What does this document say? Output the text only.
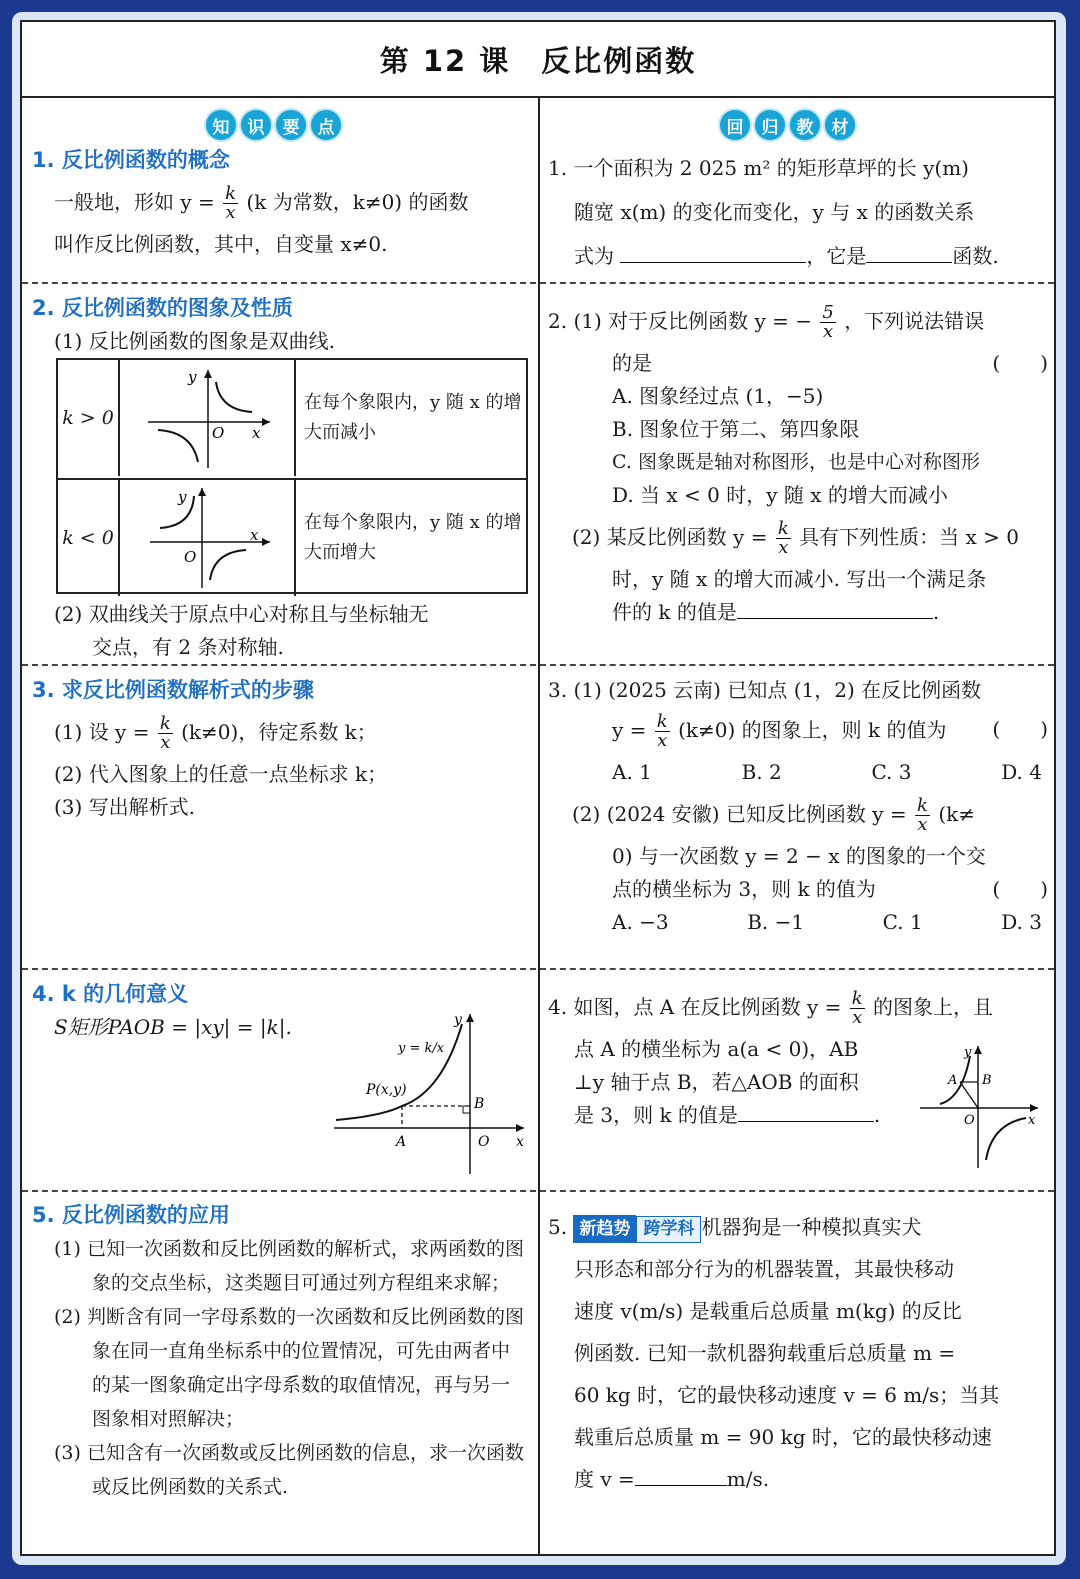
第 12 课　反比例函数
知	识	要	点	回	归	教	材
1. 反比例函数的概念

一般地，形如 $y = \frac{k}{x} (k$ 为常数，k≠0) 的函数

叫作反比例函数，其中，自变量 x≠0.

2. 反比例函数的图象及性质

(1) 反比例函数的图象是双曲线.

k > 0
y
O x
在每个象限内，y 随 x 的增大而减小
k < 0
y
O
x
在每个象限内，y 随 x 的增大而增大

(2) 双曲线关于原点中心对称且与坐标轴无

交点，有 2 条对称轴.

3. 求反比例函数解析式的步骤

(1) 设 $y = \frac{k}{x} (k\ne 0)$，待定系数 k；

(2) 代入图象上的任意一点坐标求 k；

(3) 写出解析式.

4. k 的几何意义

S矩形PAOB = |xy| = |k|.

y = k/x
P(x,y)
B
A	O x
y
5. 反比例函数的应用

(1) 已知一次函数和反比例函数的解析式，求两函数的图象的交点坐标，这类题目可通过列方程组来求解；

(2) 判断含有同一字母系数的一次函数和反比例函数的图象在同一直角坐标系中的位置情况，可先由两者中的某一图象确定出字母系数的取值情况，再与另一图象相对照解决；

(3) 已知含有一次函数或反比例函数的信息，求一次函数或反比例函数的关系式.

1. 一个面积为 2 025 m² 的矩形草坪的长 y(m)

随宽 x(m) 的变化而变化，y 与 x 的函数关系

式为	，它是	函数.

2. (1) 对于反比例函数 y = − $\frac{5}{x}$ ，下列说法错误

的是	(　　)

A. 图象经过点 (1，−5)

B. 图象位于第二、第四象限

C. 图象既是轴对称图形，也是中心对称图形

D. 当 x < 0 时，y 随 x 的增大而减小

(2) 某反比例函数 $y = \frac{k}{x}$ 具有下列性质：当 x > 0

时，y 随 x 的增大而减小. 写出一个满足条

件的 k 的值是	.

3. (1) (2025 云南) 已知点 (1，2) 在反比例函数

$y = \frac{k}{x} (k\ne 0)$ 的图象上，则 k 的值为 (　　)

A. 1	B. 2	C. 3	D. 4

(2) (2024 安徽) 已知反比例函数 $y = \frac{k}{x} (k\ne$

0) 与一次函数 y = 2 − x 的图象的一个交

点的横坐标为 3，则 k 的值为	(　　)

A. −3	B. −1	C. 1	D. 3

4. 如图，点 A 在反比例函数 $y = \frac{k}{x}$ 的图象上，且

点 A 的横坐标为 a(a < 0)，AB

⊥y 轴于点 B，若△AOB 的面积

是 3，则 k 的值是	.

A B
O	x
y

5. 新趋势 跨学科 机器狗是一种模拟真实犬

只形态和部分行为的机器装置，其最快移动

速度 v(m/s) 是载重后总质量 m(kg) 的反比

例函数. 已知一款机器狗载重后总质量 m =

60 kg 时，它的最快移动速度 v = 6 m/s；当其

载重后总质量 m = 90 kg 时，它的最快移动速

度 v =	m/s.
